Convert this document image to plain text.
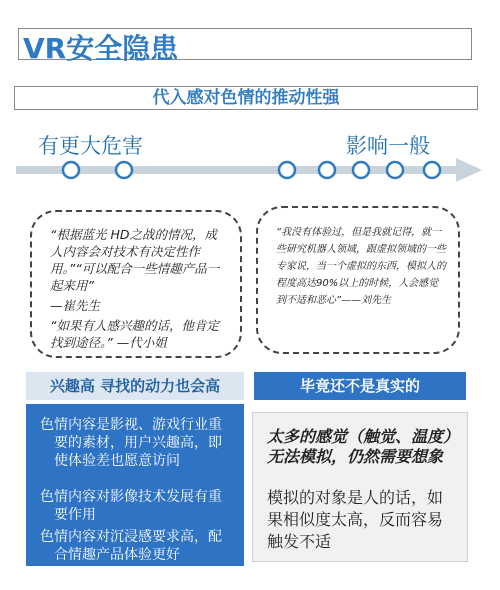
VR安全隐患
代入感对色情的推动性强
有更大危害	影响一般

“根据蓝光 HD之战的情况，成人内容会对技术有决定性作用。”“可以配合一些情趣产品一起来用”

—崔先生

“如果有人感兴趣的话，他肯定找到途径。” —代小姐

“我没有体验过，但是我就记得，就一些研究机器人领域，跟虚拟领域的一些专家说，当一个虚拟的东西，模拟人的程度高达90%以上的时候，人会感觉到不适和恶心”——刘先生
兴趣高 寻找的动力也会高	毕竟还不是真实的
色情内容是影视、游戏行业重要的素材，用户兴趣高，即使体验差也愿意访问
色情内容对影像技术发展有重要作用
色情内容对沉浸感要求高，配合情趣产品体验更好
太多的感觉（触觉、温度）无法模拟，仍然需要想象
模拟的对象是人的话，如果相似度太高，反而容易触发不适
